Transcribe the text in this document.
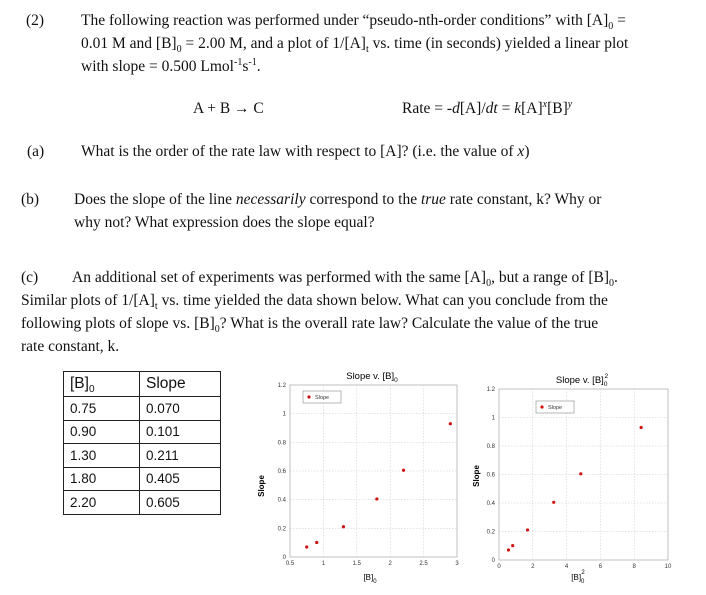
(2) The following reaction was performed under “pseudo-nth-order conditions” with $[A]_0$ =
0.01 M and $[B]_0 = 2.00$ M, and a plot of $1/[A]_t$ vs. time (in seconds) yielded a linear plot
with slope = 0.500 $Lmol^{-1}s^{-1}$.
A + B → C	Rate = $-d[A]/dt = k[A]^x[B]^y$
(a) What is the order of the rate law with respect to [A]? (i.e. the value of x)
(b) Does the slope of the line necessarily correspond to the true rate constant, k? Why or
why not? What expression does the slope equal?
(c) An additional set of experiments was performed with the same $[A]_0$, but a range of $[B]_0$.
Similar plots of $1/[A]_t$ vs. time yielded the data shown below. What can you conclude from the
following plots of slope vs. $[B]_0$? What is the overall rate law? Calculate the value of the true
rate constant, k.
$[B]_0$	Slope
0.75	0.070
0.90	0.101
1.30	0.211
1.80	0.405
2.20	0.605
Slope v. $[B]_0$
0.5	1	1.5	2	2.5	3
0
0.2
0.4
0.6
0.8
1
1.2
Slope
Slope
$[B]_0$
Slope v. $[B]_02$
0	2	4	6	8	10
0
0.2
0.4
0.6
0.8
1
1.2
Slope
Slope
$[B]_02$
